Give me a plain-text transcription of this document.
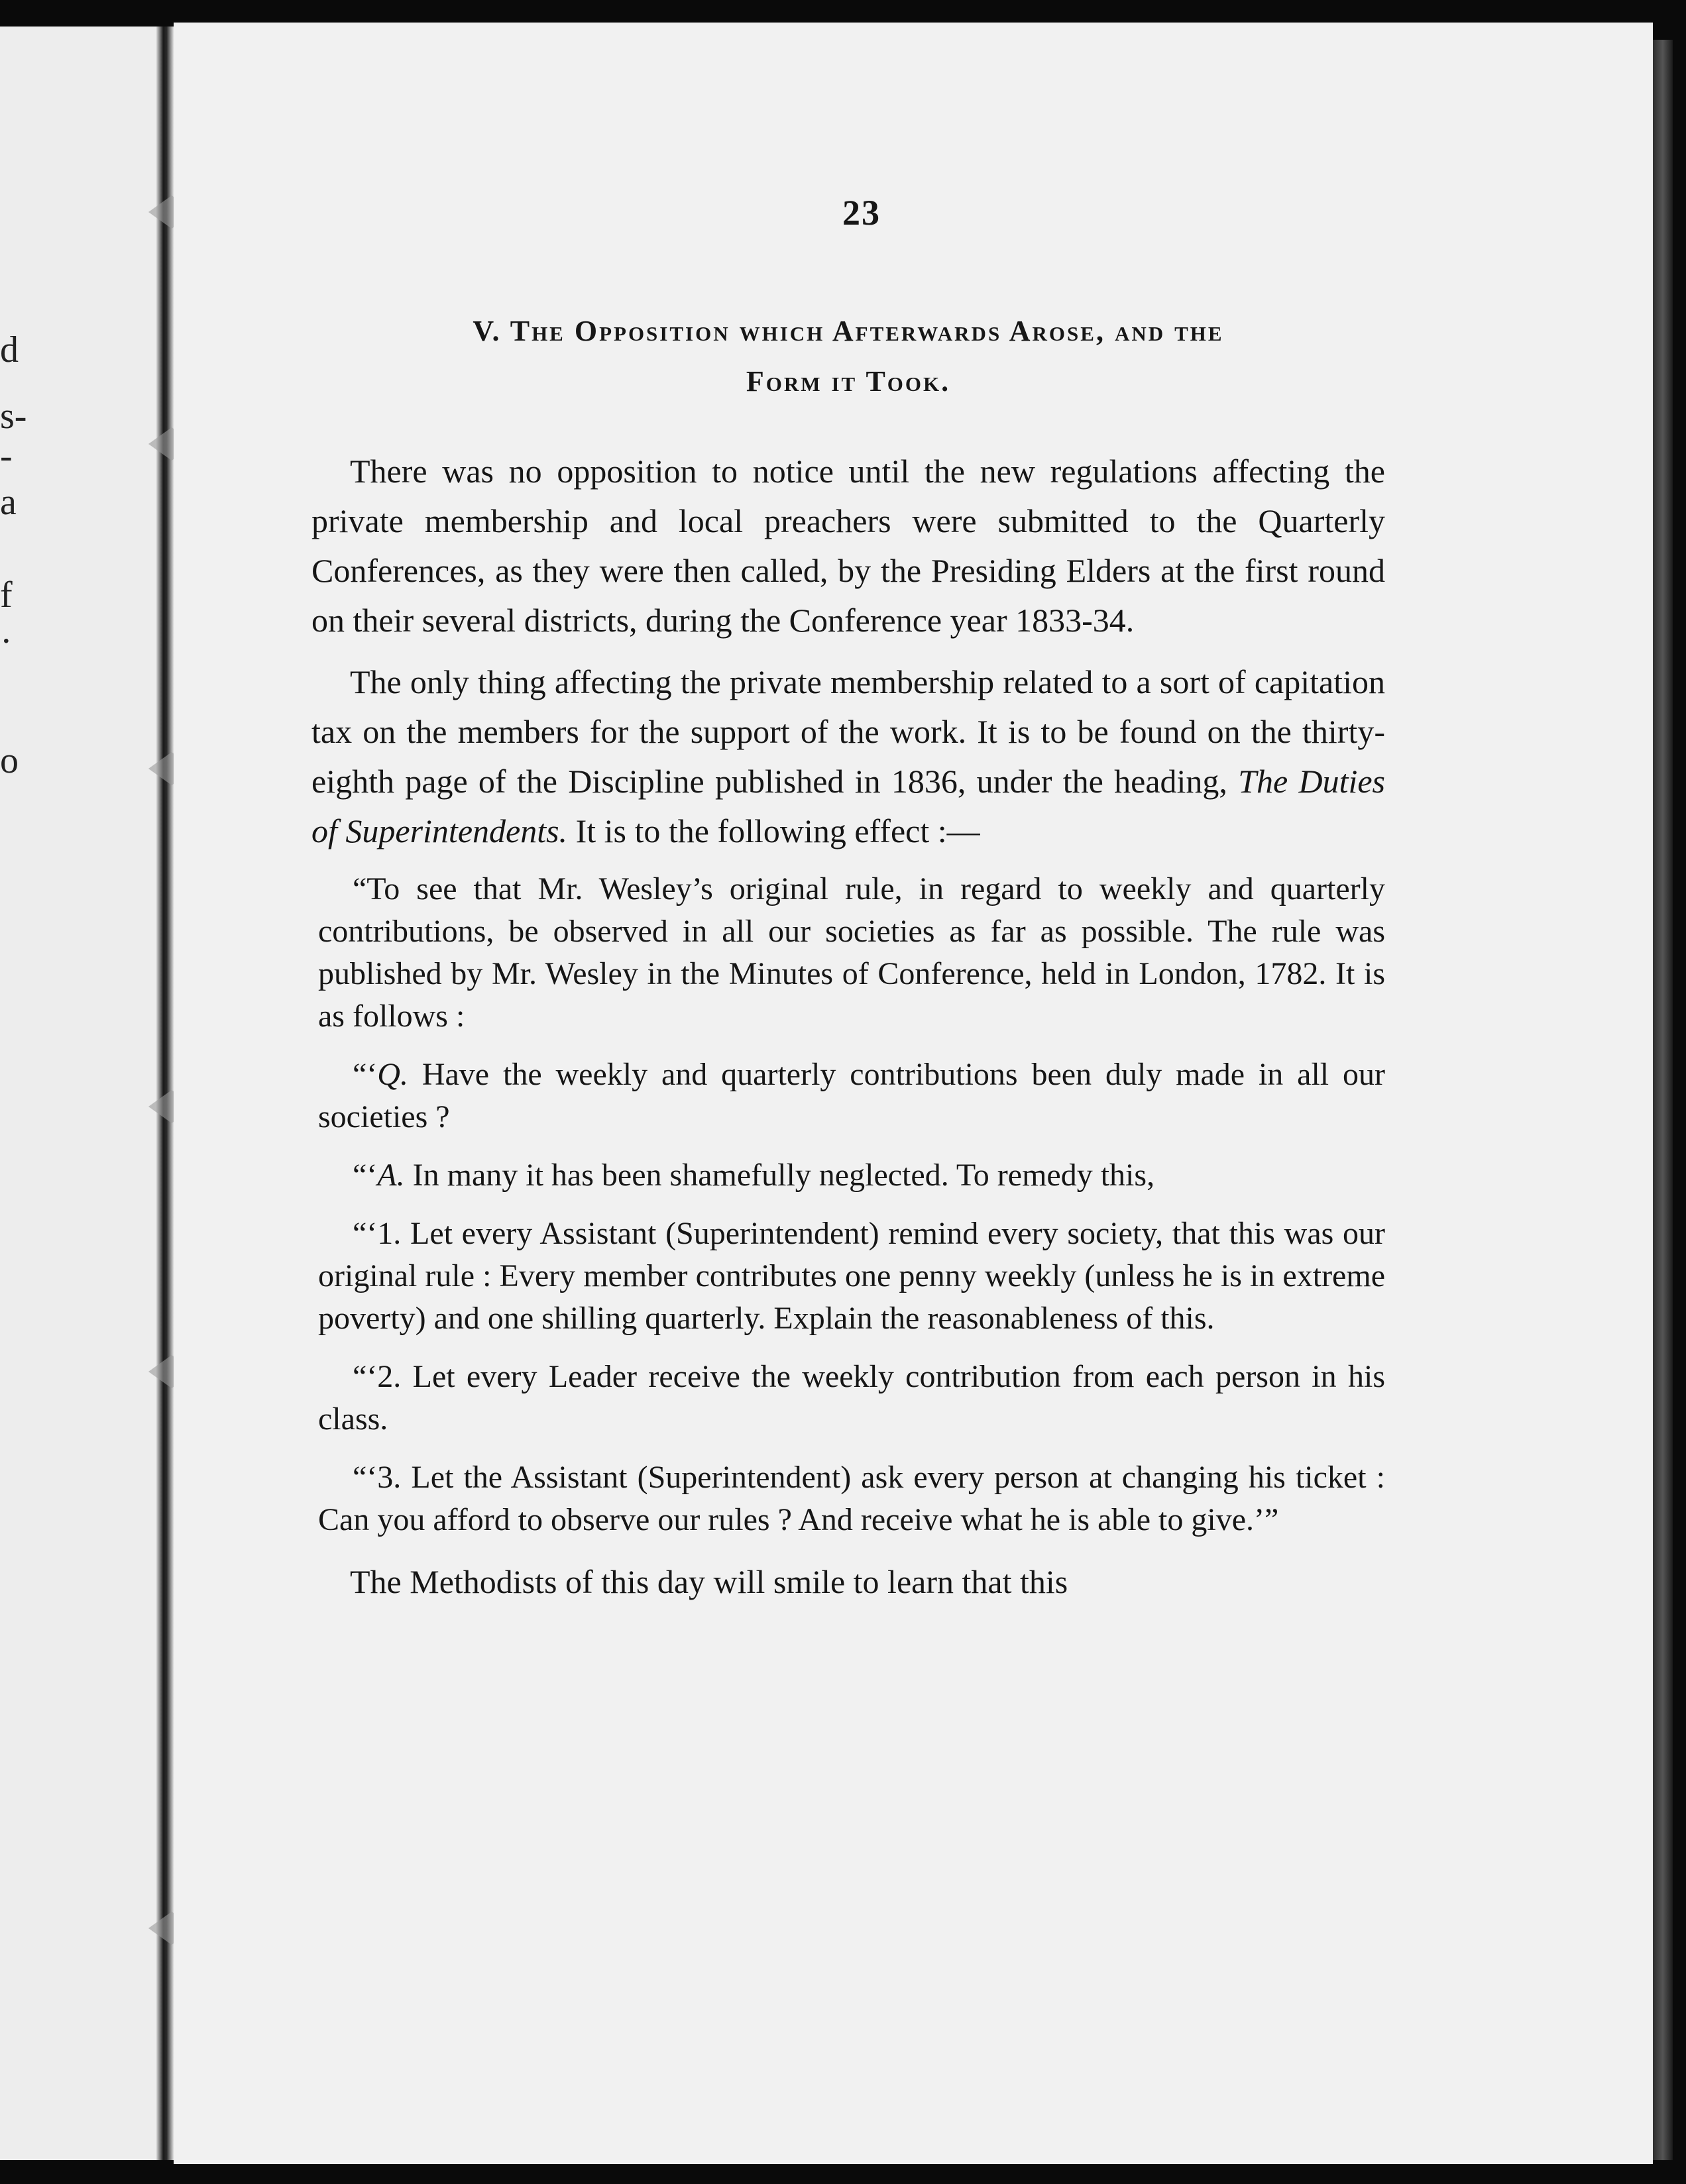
d
s-
-
a
f
·
o
23
V. The Opposition which Afterwards Arose, and the
Form it Took.

There was no opposition to notice until the new regulations affecting the private membership and local preachers were submitted to the Quarterly Conferences, as they were then called, by the Presiding Elders at the first round on their several districts, during the Conference year 1833-34.

The only thing affecting the private membership related to a sort of capitation tax on the members for the support of the work. It is to be found on the thirty-eighth page of the Discipline published in 1836, under the heading, The Duties of Superintendents. It is to the following effect :—

“To see that Mr. Wesley’s original rule, in regard to weekly and quarterly contributions, be observed in all our societies as far as possible. The rule was published by Mr. Wesley in the Minutes of Conference, held in London, 1782. It is as follows :

“‘Q. Have the weekly and quarterly contributions been duly made in all our societies ?

“‘A. In many it has been shamefully neglected. To remedy this,

“‘1. Let every Assistant (Superintendent) remind every society, that this was our original rule : Every member contributes one penny weekly (unless he is in extreme poverty) and one shilling quarterly. Explain the reasonableness of this.

“‘2. Let every Leader receive the weekly contribution from each person in his class.

“‘3. Let the Assistant (Superintendent) ask every person at changing his ticket : Can you afford to observe our rules ? And receive what he is able to give.’”

The Methodists of this day will smile to learn that this
